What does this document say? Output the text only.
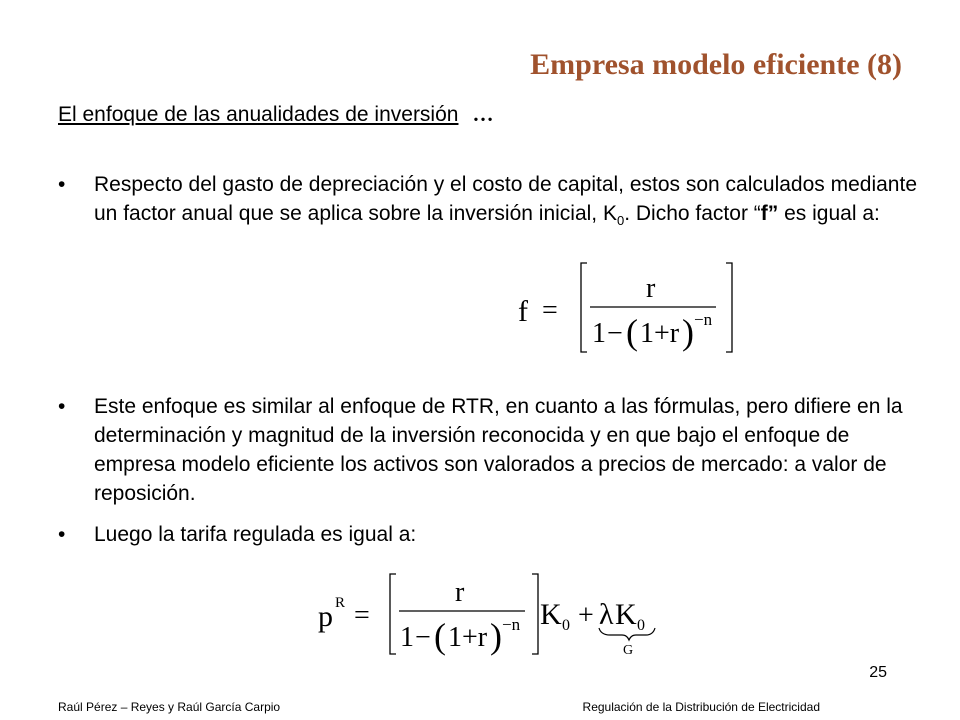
Empresa modelo eficiente (8)
El enfoque de las anualidades de inversión …
• Respecto del gasto de depreciación y el costo de capital, estos son calculados mediante un factor anual que se aplica sobre la inversión inicial, $K_0$. Dicho factor “f” es igual a:
f =
r
1 − ( 1+r ) −n
• Este enfoque es similar al enfoque de RTR, en cuanto a las fórmulas, pero difiere en la determinación y magnitud de la inversión reconocida y en que bajo el enfoque de empresa modelo eficiente los activos son valorados a precios de mercado: a valor de reposición.
• Luego la tarifa regulada es igual a:
p R =
r
1 − ( 1+r ) −n K 0 + λ K 0
G
25
Raúl Pérez – Reyes y Raúl García Carpio	Regulación de la Distribución de Electricidad
